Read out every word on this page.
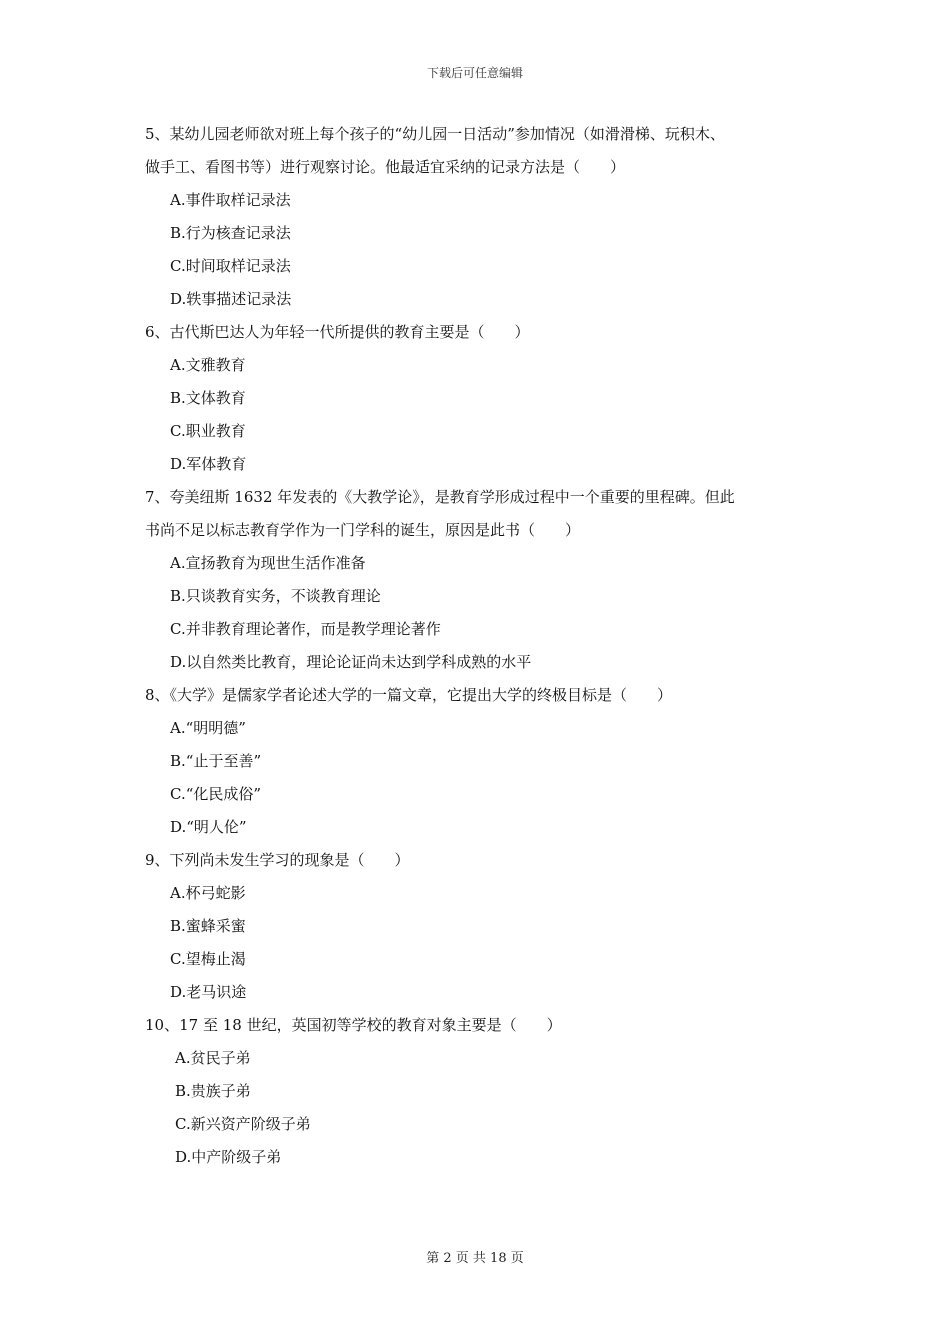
下载后可任意编辑

5、某幼儿园老师欲对班上每个孩子的“幼儿园一日活动”参加情况（如滑滑梯、玩积木、
做手工、看图书等）进行观察讨论。他最适宜采纳的记录方法是（　　）

A.事件取样记录法

B.行为核查记录法

C.时间取样记录法

D.轶事描述记录法

6、古代斯巴达人为年轻一代所提供的教育主要是（　　）

A.文雅教育

B.文体教育

C.职业教育

D.军体教育

7、夸美纽斯 1632 年发表的《大教学论》，是教育学形成过程中一个重要的里程碑。但此
书尚不足以标志教育学作为一门学科的诞生，原因是此书（　　）

A.宣扬教育为现世生活作准备

B.只谈教育实务，不谈教育理论

C.并非教育理论著作，而是教学理论著作

D.以自然类比教育，理论论证尚未达到学科成熟的水平

8、《大学》是儒家学者论述大学的一篇文章，它提出大学的终极目标是（　　）

A.“明明德”

B.“止于至善”

C.“化民成俗”

D.“明人伦”

9、下列尚未发生学习的现象是（　　）

A.杯弓蛇影

B.蜜蜂采蜜

C.望梅止渴

D.老马识途

10、17 至 18 世纪，英国初等学校的教育对象主要是（　　）

A.贫民子弟

B.贵族子弟

C.新兴资产阶级子弟

D.中产阶级子弟

第 2 页 共 18 页
